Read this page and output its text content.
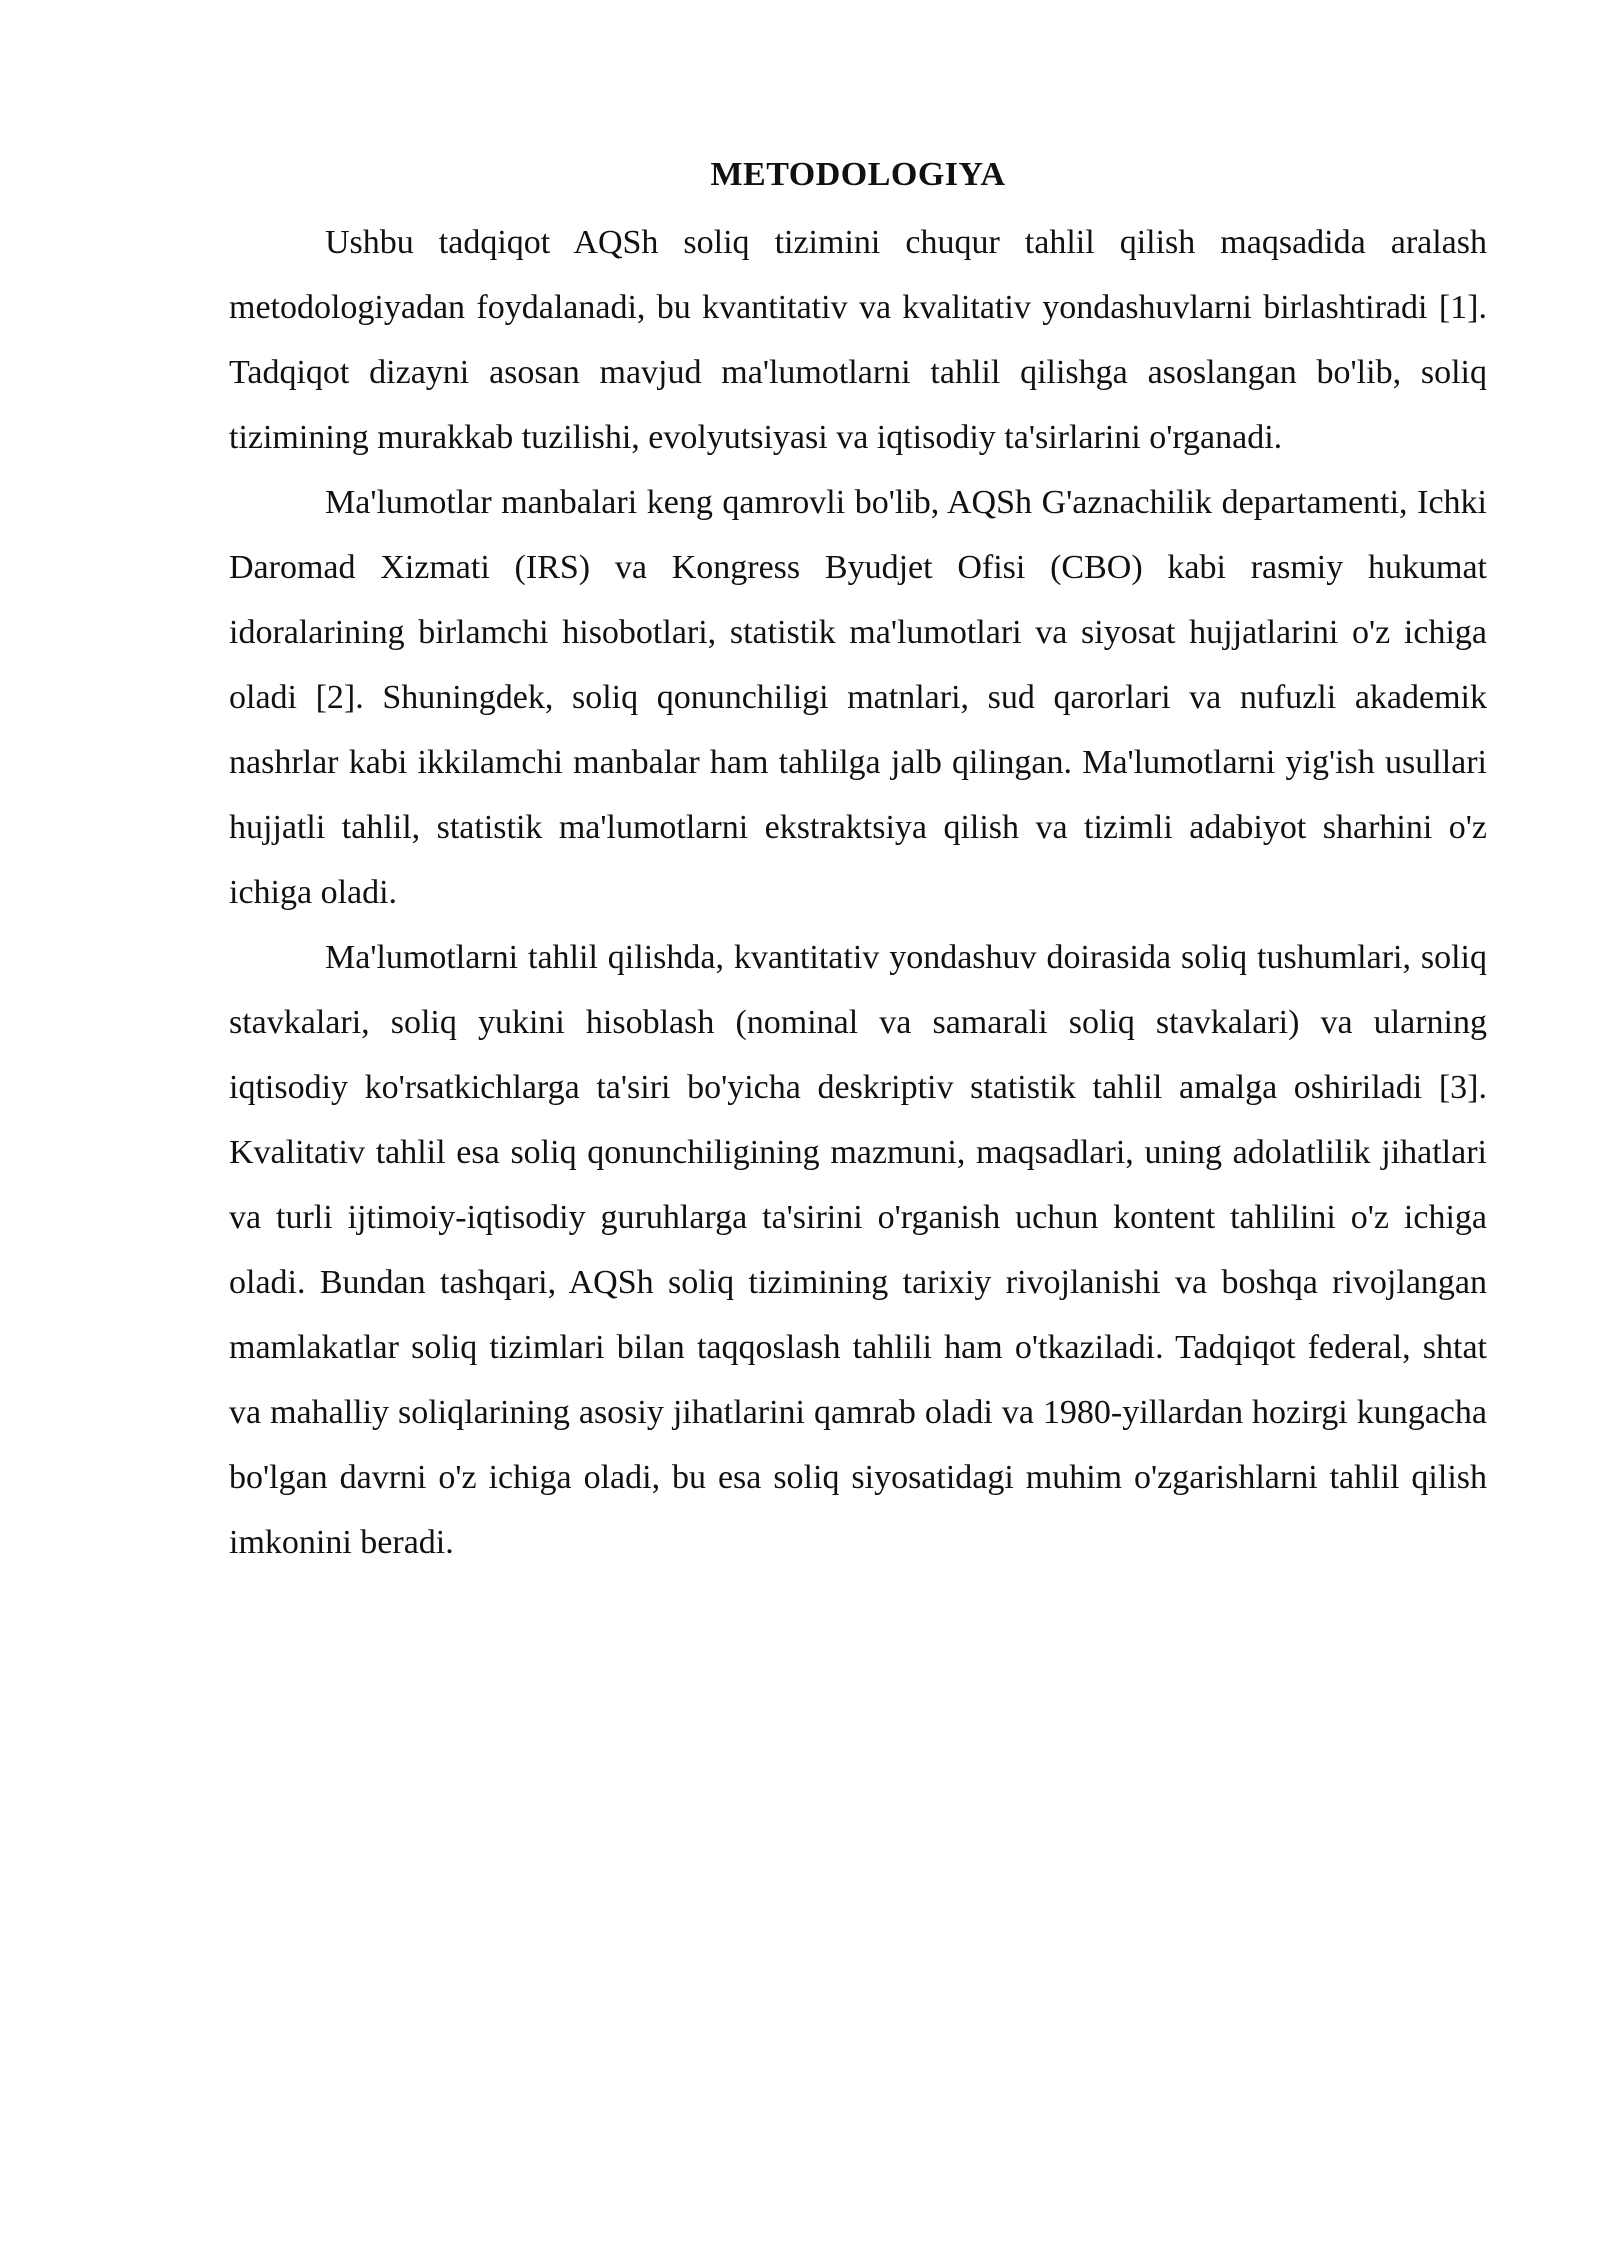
METODOLOGIYA

Ushbu tadqiqot AQSh soliq tizimini chuqur tahlil qilish maqsadida aralash metodologiyadan foydalanadi, bu kvantitativ va kvalitativ yondashuvlarni birlashtiradi [1]. Tadqiqot dizayni asosan mavjud ma'lumotlarni tahlil qilishga asoslangan bo'lib, soliq tizimining murakkab tuzilishi, evolyutsiyasi va iqtisodiy ta'sirlarini o'rganadi.

Ma'lumotlar manbalari keng qamrovli bo'lib, AQSh G'aznachilik departamenti, Ichki Daromad Xizmati (IRS) va Kongress Byudjet Ofisi (CBO) kabi rasmiy hukumat idoralarining birlamchi hisobotlari, statistik ma'lumotlari va siyosat hujjatlarini o'z ichiga oladi [2]. Shuningdek, soliq qonunchiligi matnlari, sud qarorlari va nufuzli akademik nashrlar kabi ikkilamchi manbalar ham tahlilga jalb qilingan. Ma'lumotlarni yig'ish usullari hujjatli tahlil, statistik ma'lumotlarni ekstraktsiya qilish va tizimli adabiyot sharhini o'z ichiga oladi.

Ma'lumotlarni tahlil qilishda, kvantitativ yondashuv doirasida soliq tushumlari, soliq stavkalari, soliq yukini hisoblash (nominal va samarali soliq stavkalari) va ularning iqtisodiy ko'rsatkichlarga ta'siri bo'yicha deskriptiv statistik tahlil amalga oshiriladi [3]. Kvalitativ tahlil esa soliq qonunchiligining mazmuni, maqsadlari, uning adolatlilik jihatlari va turli ijtimoiy-iqtisodiy guruhlarga ta'sirini o'rganish uchun kontent tahlilini o'z ichiga oladi. Bundan tashqari, AQSh soliq tizimining tarixiy rivojlanishi va boshqa rivojlangan mamlakatlar soliq tizimlari bilan taqqoslash tahlili ham o'tkaziladi. Tadqiqot federal, shtat va mahalliy soliqlarining asosiy jihatlarini qamrab oladi va 1980-yillardan hozirgi kungacha bo'lgan davrni o'z ichiga oladi, bu esa soliq siyosatidagi muhim o'zgarishlarni tahlil qilish imkonini beradi.
